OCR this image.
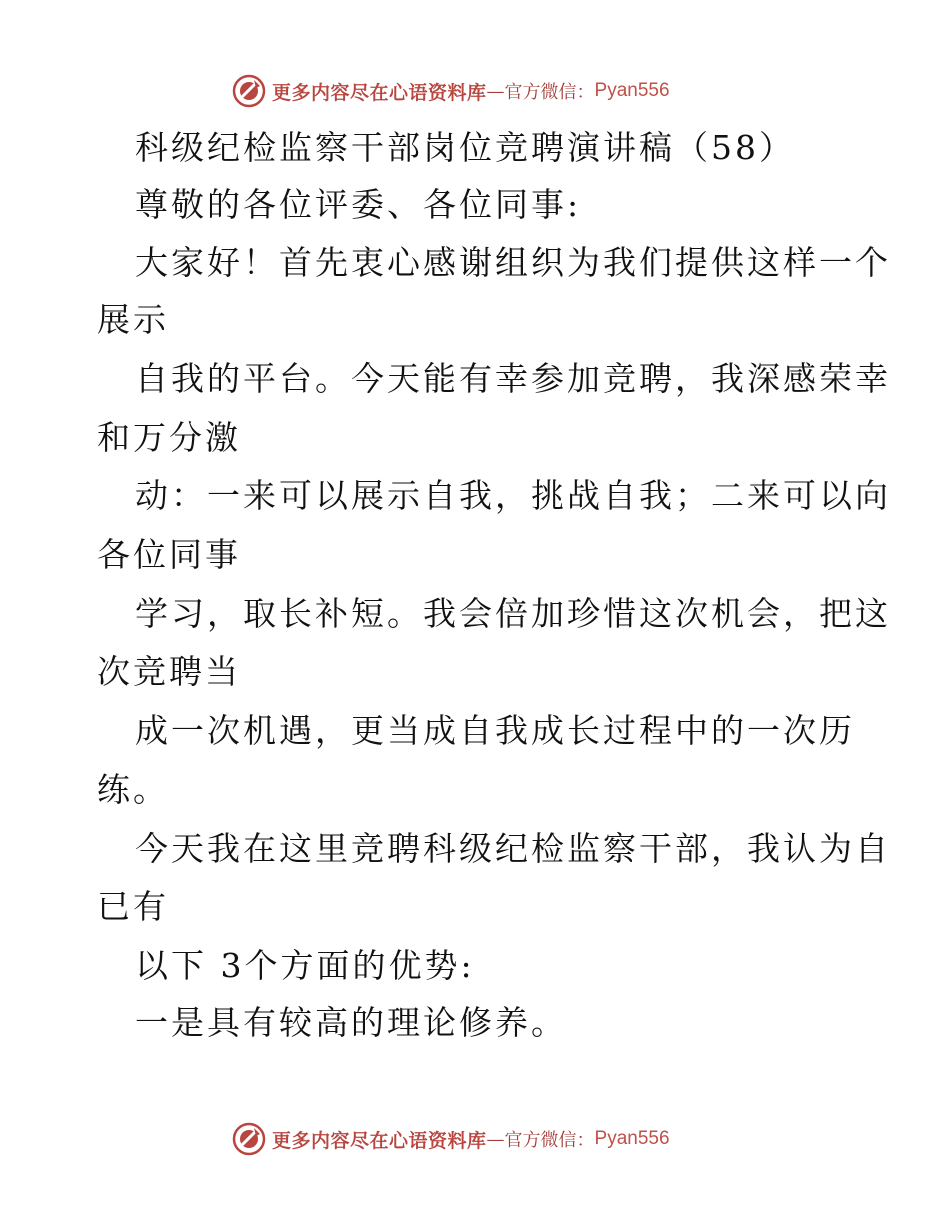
更多内容尽在心语资料库 — 官方微信： Pyan556
科级纪检监察干部岗位竞聘演讲稿（58）
尊敬的各位评委、各位同事:
大家好！首先衷心感谢组织为我们提供这样一个
展示
自我的平台。今天能有幸参加竞聘，我深感荣幸
和万分激
动：一来可以展示自我，挑战自我；二来可以向
各位同事
学习，取长补短。我会倍加珍惜这次机会，把这
次竞聘当
成一次机遇，更当成自我成长过程中的一次历
练。
今天我在这里竞聘科级纪检监察干部，我认为自
已有
以下 3个方面的优势:
一是具有较高的理论修养。
更多内容尽在心语资料库 — 官方微信： Pyan556
